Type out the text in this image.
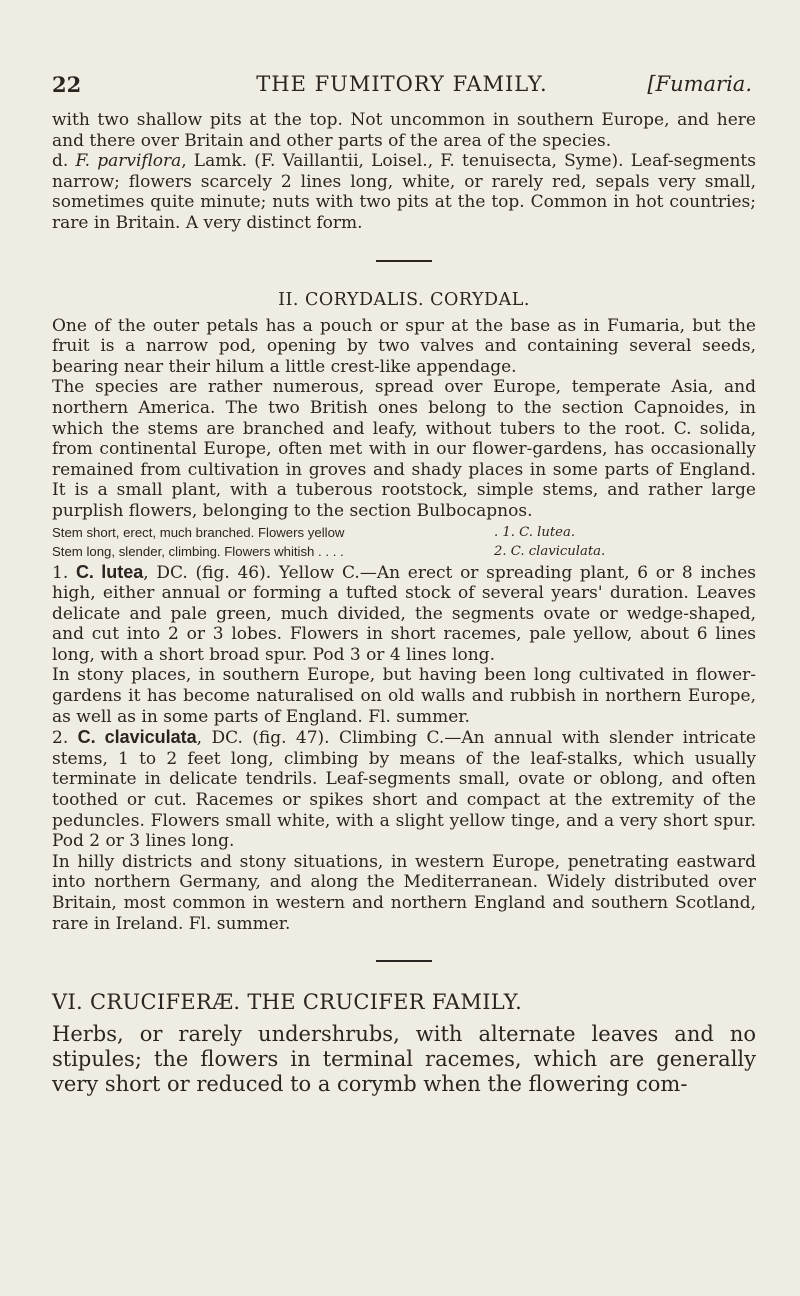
22	THE FUMITORY FAMILY.	[Fumaria.

with two shallow pits at the top. Not uncommon in southern Europe, and here and there over Britain and other parts of the area of the species.

d. F. parviflora, Lamk. (F. Vaillantii, Loisel., F. tenuisecta, Syme). Leaf-segments narrow; flowers scarcely 2 lines long, white, or rarely red, sepals very small, sometimes quite minute; nuts with two pits at the top. Common in hot countries; rare in Britain. A very distinct form.

II. CORYDALIS. CORYDAL.

One of the outer petals has a pouch or spur at the base as in Fumaria, but the fruit is a narrow pod, opening by two valves and containing several seeds, bearing near their hilum a little crest-like appendage.

The species are rather numerous, spread over Europe, temperate Asia, and northern America. The two British ones belong to the section Capnoides, in which the stems are branched and leafy, without tubers to the root. C. solida, from continental Europe, often met with in our flower-gardens, has occasionally remained from cultivation in groves and shady places in some parts of England. It is a small plant, with a tuberous rootstock, simple stems, and rather large purplish flowers, belonging to the section Bulbocapnos.

Stem short, erect, much branched. Flowers yellow	. 1. C. lutea.
Stem long, slender, climbing. Flowers whitish . . . .	2. C. claviculata.

1. C. lutea, DC. (fig. 46). Yellow C.—An erect or spreading plant, 6 or 8 inches high, either annual or forming a tufted stock of several years' duration. Leaves delicate and pale green, much divided, the segments ovate or wedge-shaped, and cut into 2 or 3 lobes. Flowers in short racemes, pale yellow, about 6 lines long, with a short broad spur. Pod 3 or 4 lines long.

In stony places, in southern Europe, but having been long cultivated in flower-gardens it has become naturalised on old walls and rubbish in northern Europe, as well as in some parts of England. Fl. summer.

2. C. claviculata, DC. (fig. 47). Climbing C.—An annual with slender intricate stems, 1 to 2 feet long, climbing by means of the leaf-stalks, which usually terminate in delicate tendrils. Leaf-segments small, ovate or oblong, and often toothed or cut. Racemes or spikes short and compact at the extremity of the peduncles. Flowers small white, with a slight yellow tinge, and a very short spur. Pod 2 or 3 lines long.

In hilly districts and stony situations, in western Europe, penetrating eastward into northern Germany, and along the Mediterranean. Widely distributed over Britain, most common in western and northern England and southern Scotland, rare in Ireland. Fl. summer.

VI. CRUCIFERÆ. THE CRUCIFER FAMILY.

Herbs, or rarely undershrubs, with alternate leaves and no stipules; the flowers in terminal racemes, which are generally very short or reduced to a corymb when the flowering com-
